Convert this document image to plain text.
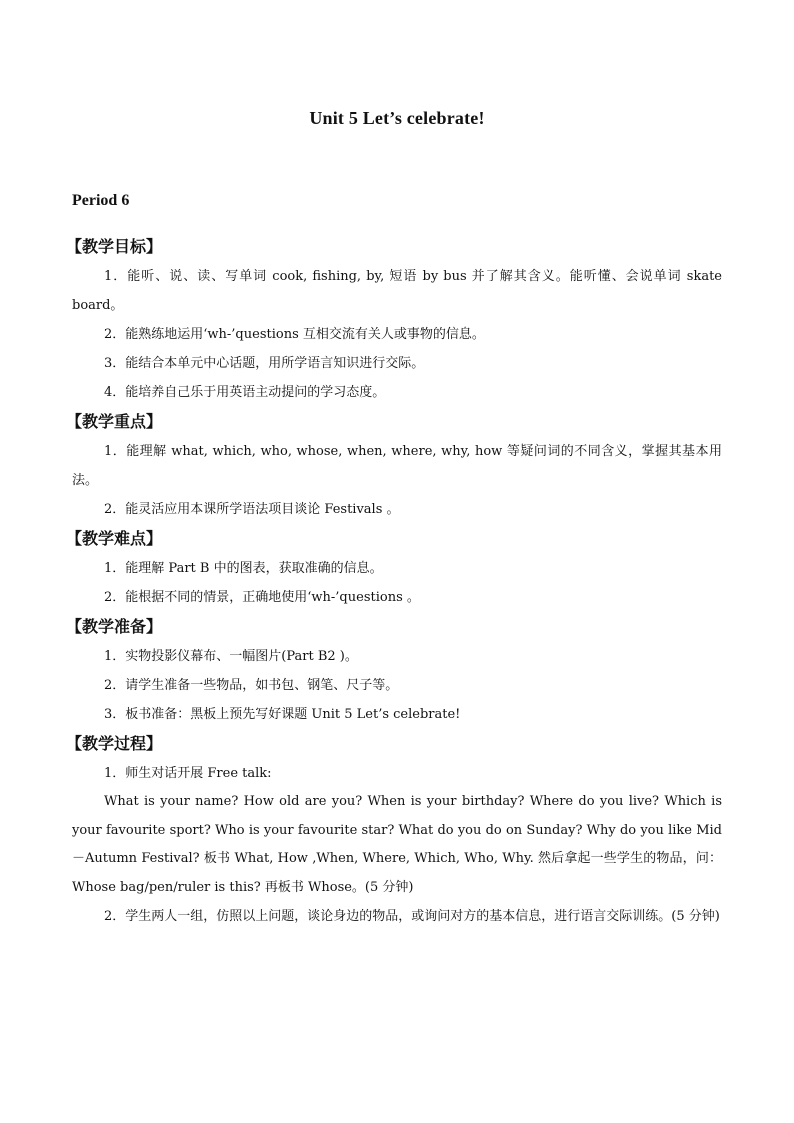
Unit 5 Let’s celebrate!
Period 6
【教学目标】
1．能听、说、读、写单词 cook, fishing, by, 短语 by bus 并了解其含义。能听懂、会说单词 skate board。
2．能熟练地运用‘wh-’questions 互相交流有关人或事物的信息。
3．能结合本单元中心话题，用所学语言知识进行交际。
4．能培养自己乐于用英语主动提问的学习态度。
【教学重点】
1．能理解 what, which, who, whose, when, where, why, how 等疑问词的不同含义，掌握其基本用法。
2．能灵活应用本课所学语法项目谈论 Festivals 。
【教学难点】
1．能理解 Part B 中的图表，获取准确的信息。
2．能根据不同的情景，正确地使用‘wh-’questions 。
【教学准备】
1．实物投影仪幕布、一幅图片(Part B2 )。
2．请学生准备一些物品，如书包、钢笔、尺子等。
3．板书准备：黑板上预先写好课题 Unit 5 Let’s celebrate!
【教学过程】
1．师生对话开展 Free talk:
What is your name? How old are you? When is your birthday? Where do you live? Which is your favourite sport? Who is your favourite star? What do you do on Sunday? Why do you like Mid－Autumn Festival? 板书 What, How ,When, Where, Which, Who, Why. 然后拿起一些学生的物品，问：Whose bag/pen/ruler is this? 再板书 Whose。(5 分钟)
2．学生两人一组，仿照以上问题，谈论身边的物品，或询问对方的基本信息，进行语言交际训练。(5 分钟)
